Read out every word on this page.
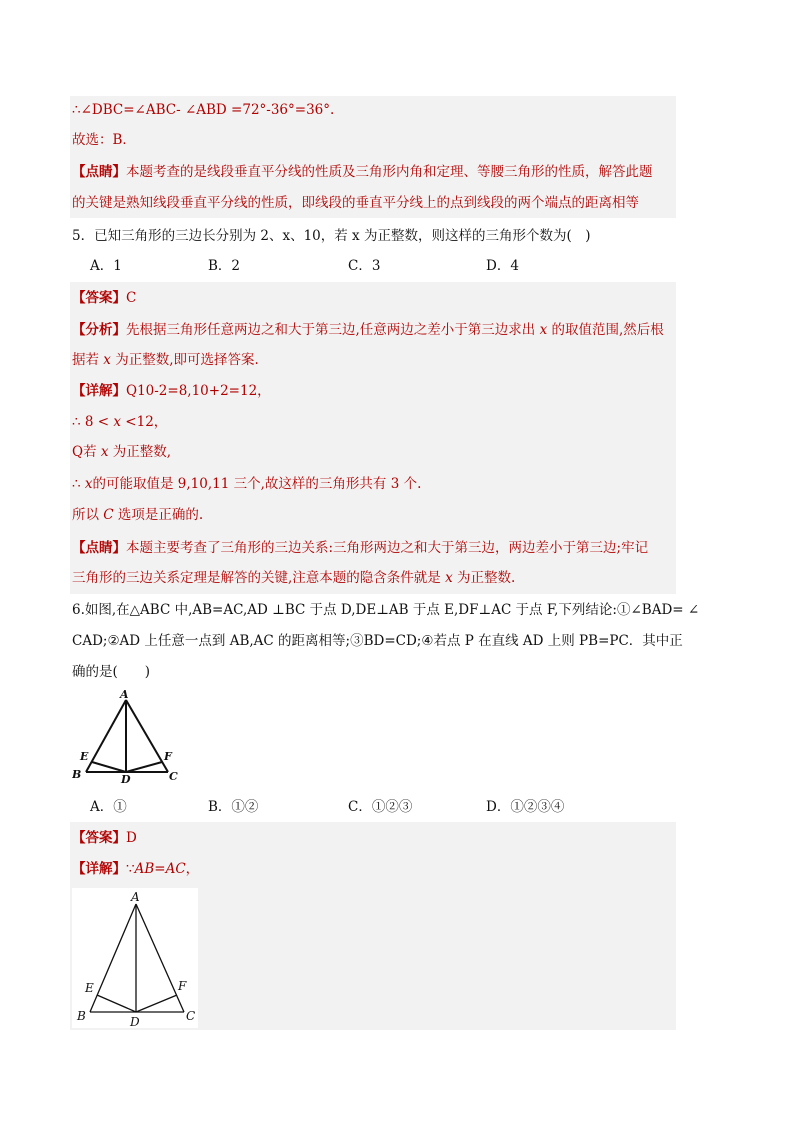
∴∠DBC=∠ABC- ∠ABD =72°-36°=36°.
故选：B．
【点睛】本题考查的是线段垂直平分线的性质及三角形内角和定理、等腰三角形的性质，解答此题
的关键是熟知线段垂直平分线的性质，即线段的垂直平分线上的点到线段的两个端点的距离相等
5．已知三角形的三边长分别为 2、x、10，若 x 为正整数，则这样的三角形个数为(　)
A．1	B．2	C．3	D．4
【答案】C
【分析】先根据三角形任意两边之和大于第三边,任意两边之差小于第三边求出 x 的取值范围,然后根
据若 x 为正整数,即可选择答案.
【详解】Q10-2=8,10+2=12，
∴ 8 < x <12，
Q若 x 为正整数,
∴ x的可能取值是 9,10,11 三个,故这样的三角形共有 3 个.
所以 C 选项是正确的.
【点睛】本题主要考查了三角形的三边关系:三角形两边之和大于第三边，两边差小于第三边;牢记
三角形的三边关系定理是解答的关键,注意本题的隐含条件就是 x 为正整数.
6.如图,在△ABC 中,AB=AC,AD ⊥BC 于点 D,DE⊥AB 于点 E,DF⊥AC 于点 F,下列结论:①∠BAD= ∠
CAD;②AD 上任意一点到 AB,AC 的距离相等;③BD=CD;④若点 P 在直线 AD 上则 PB=PC．其中正
确的是(　　)
A
B	C
D
E	F
A．①	B．①②	C．①②③	D．①②③④
【答案】D
【详解】∵AB=AC，
A
B	C
D
E	F
